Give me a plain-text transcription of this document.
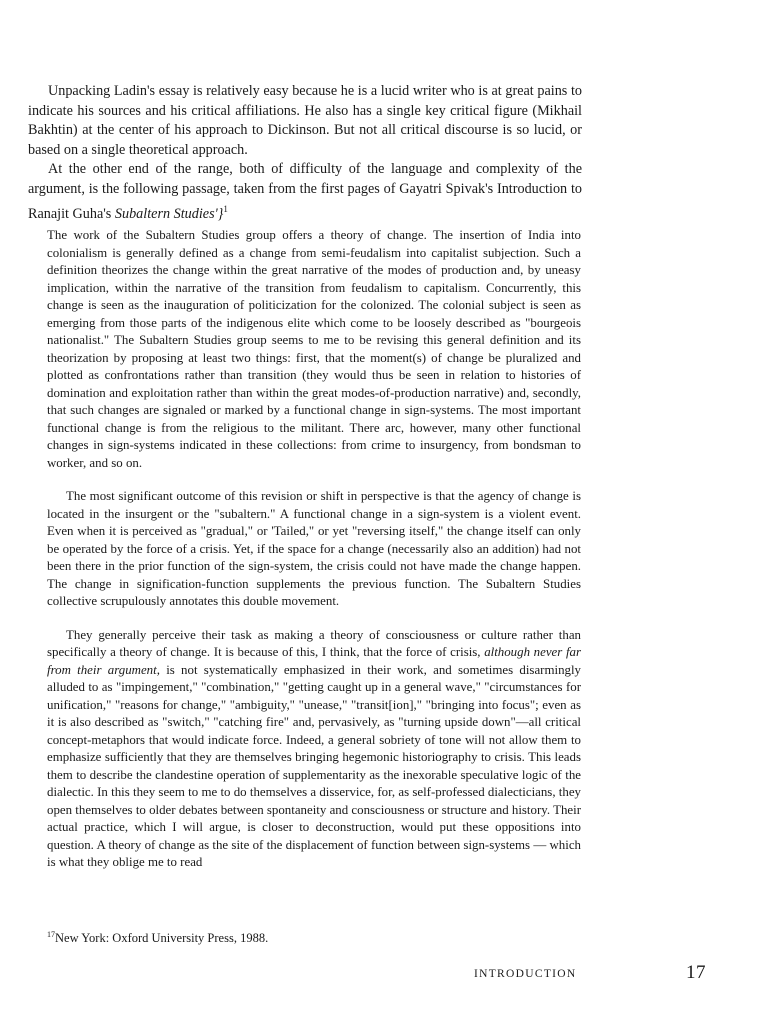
Unpacking Ladin's essay is relatively easy because he is a lucid writer who is at great pains to indicate his sources and his critical affiliations. He also has a single key critical figure (Mikhail Bakhtin) at the center of his approach to Dickinson. But not all critical discourse is so lucid, or based on a single theoretical approach.

At the other end of the range, both of difficulty of the language and complexity of the argument, is the following passage, taken from the first pages of Gayatri Spivak's Introduction to Ranajit Guha's Subaltern Studies'}$^1$

The work of the Subaltern Studies group offers a theory of change. The insertion of India into colonialism is generally defined as a change from semi-feudalism into capitalist subjection. Such a definition theorizes the change within the great narrative of the modes of production and, by uneasy implication, within the narrative of the transition from feudalism to capitalism. Concurrently, this change is seen as the inauguration of politicization for the colonized. The colonial subject is seen as emerging from those parts of the indigenous elite which come to be loosely described as "bourgeois nationalist." The Subaltern Studies group seems to me to be revising this general definition and its theorization by proposing at least two things: first, that the moment(s) of change be pluralized and plotted as confrontations rather than transition (they would thus be seen in relation to histories of domination and exploitation rather than within the great modes-of-production narrative) and, secondly, that such changes are signaled or marked by a functional change in sign-systems. The most important functional change is from the religious to the militant. There arc, however, many other functional changes in sign-systems indicated in these collections: from crime to insurgency, from bondsman to worker, and so on.

The most significant outcome of this revision or shift in perspective is that the agency of change is located in the insurgent or the "subaltern." A functional change in a sign-system is a violent event. Even when it is perceived as "gradual," or 'Tailed," or yet "reversing itself," the change itself can only be operated by the force of a crisis. Yet, if the space for a change (necessarily also an addition) had not been there in the prior function of the sign-system, the crisis could not have made the change happen. The change in signification-function supplements the previous function. The Subaltern Studies collective scrupulously annotates this double movement.

They generally perceive their task as making a theory of consciousness or culture rather than specifically a theory of change. It is because of this, I think, that the force of crisis, although never far from their argument, is not systematically emphasized in their work, and sometimes disarmingly alluded to as "impingement," "combination," "getting caught up in a general wave," "circumstances for unification," "reasons for change," "ambiguity," "unease," "transit[ion]," "bringing into focus"; even as it is also described as "switch," "catching fire" and, pervasively, as "turning upside down"—all critical concept-metaphors that would indicate force. Indeed, a general sobriety of tone will not allow them to emphasize sufficiently that they are themselves bringing hegemonic historiography to crisis. This leads them to describe the clandestine operation of supplementarity as the inexorable speculative logic of the dialectic. In this they seem to me to do themselves a disservice, for, as self-professed dialecticians, they open themselves to older debates between spontaneity and consciousness or structure and history. Their actual practice, which I will argue, is closer to deconstruction, would put these oppositions into question. A theory of change as the site of the displacement of function between sign-systems — which is what they oblige me to read

$^{17}$New York: Oxford University Press, 1988.
INTRODUCTION	17
